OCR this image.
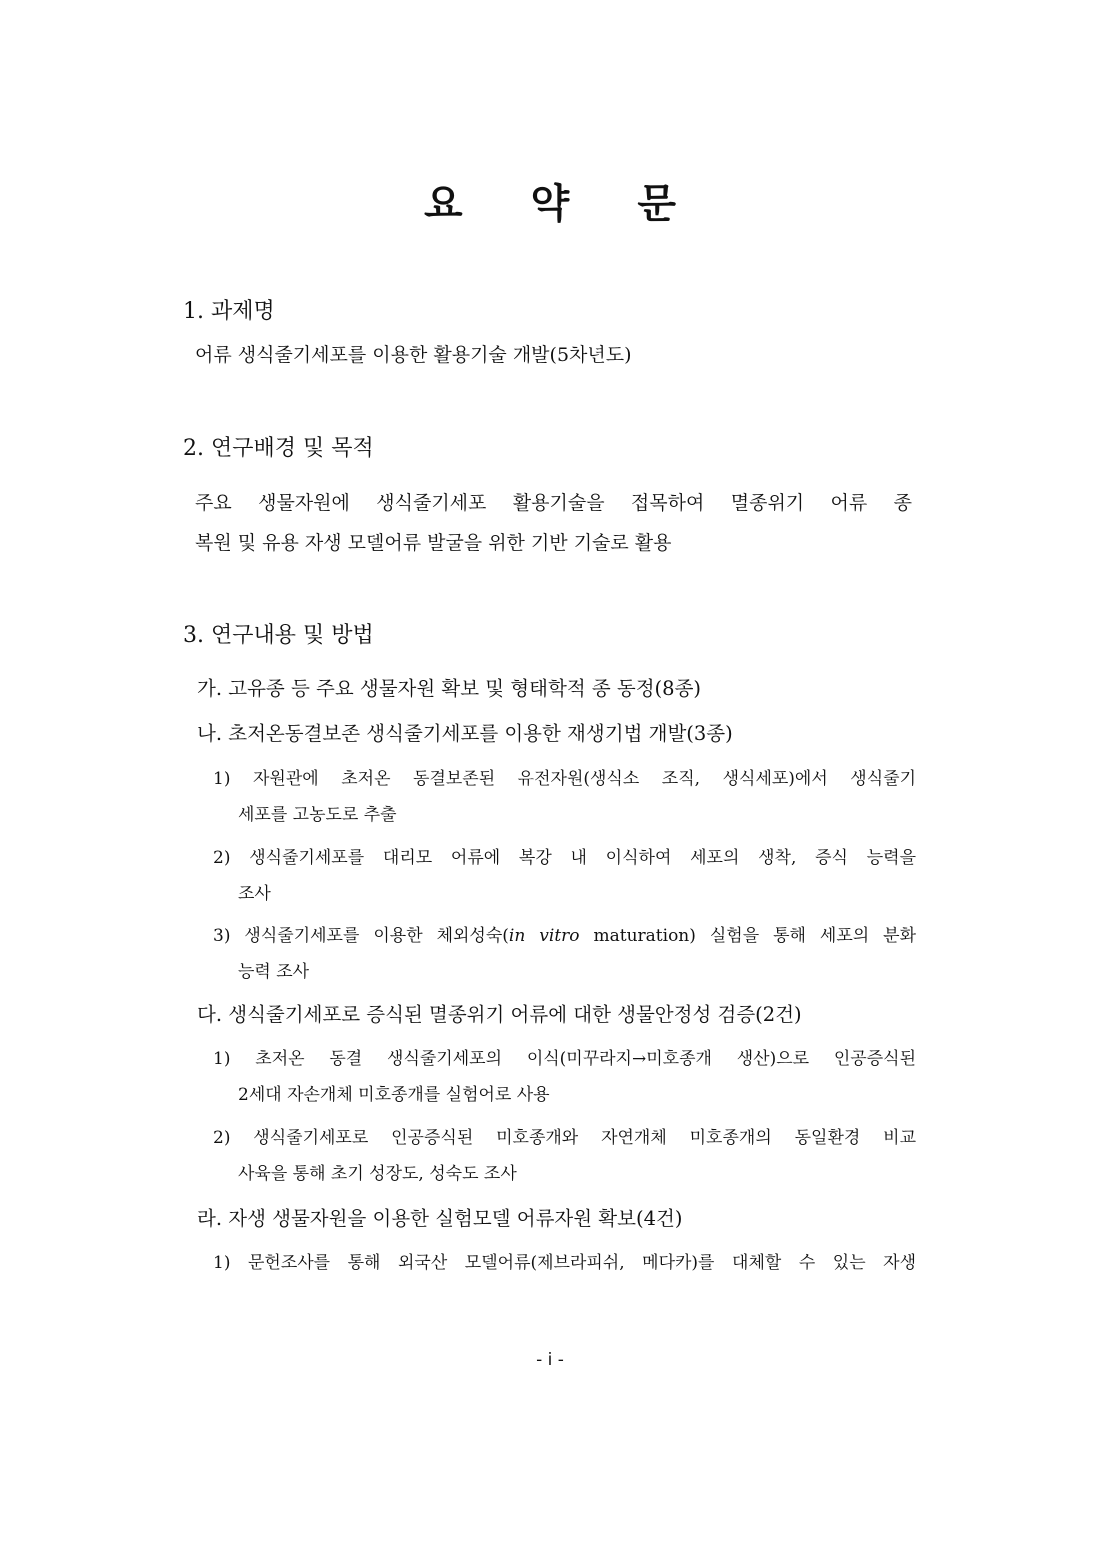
요 약 문
1. 과제명
어류 생식줄기세포를 이용한 활용기술 개발(5차년도)
2. 연구배경 및 목적
주요 생물자원에 생식줄기세포 활용기술을 접목하여 멸종위기 어류 종
복원 및 유용 자생 모델어류 발굴을 위한 기반 기술로 활용
3. 연구내용 및 방법
가. 고유종 등 주요 생물자원 확보 및 형태학적 종 동정(8종)
나. 초저온동결보존 생식줄기세포를 이용한 재생기법 개발(3종)
1) 자원관에 초저온 동결보존된 유전자원(생식소 조직, 생식세포)에서 생식줄기
세포를 고농도로 추출
2) 생식줄기세포를 대리모 어류에 복강 내 이식하여 세포의 생착, 증식 능력을
조사
3) 생식줄기세포를 이용한 체외성숙(in vitro maturation) 실험을 통해 세포의 분화
능력 조사
다. 생식줄기세포로 증식된 멸종위기 어류에 대한 생물안정성 검증(2건)
1) 초저온 동결 생식줄기세포의 이식(미꾸라지→미호종개 생산)으로 인공증식된
2세대 자손개체 미호종개를 실험어로 사용
2) 생식줄기세포로 인공증식된 미호종개와 자연개체 미호종개의 동일환경 비교
사육을 통해 초기 성장도, 성숙도 조사
라. 자생 생물자원을 이용한 실험모델 어류자원 확보(4건)
1) 문헌조사를 통해 외국산 모델어류(제브라피쉬, 메다카)를 대체할 수 있는 자생
- i -
